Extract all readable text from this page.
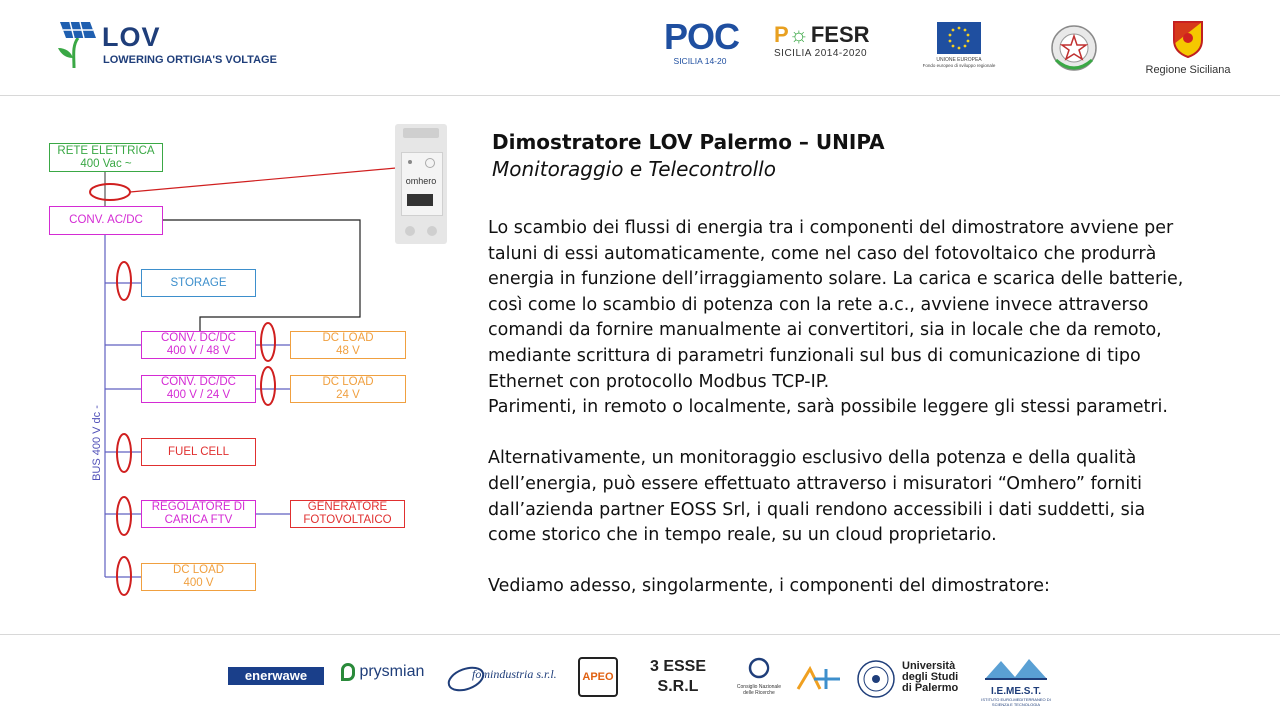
LOV
LOWERING ORTIGIA'S VOLTAGE
POC
SICILIA 14-20
P☼FESR
SICILIA 2014-2020
UNIONE EUROPEA
Fondo europeo di sviluppo regionale	Regione Siciliana
RETE ELETTRICA
400 Vac ~
CONV. AC/DC
STORAGE
CONV. DC/DC
400 V / 48 V
DC LOAD
48 V
CONV. DC/DC
400 V / 24 V
DC LOAD
24 V
FUEL CELL
REGOLATORE DI
CARICA FTV
GENERATORE
FOTOVOLTAICO
DC LOAD
400 V
BUS 400 V dc -
omhero
Dimostratore LOV Palermo – UNIPA
Monitoraggio e Telecontrollo

Lo scambio dei flussi di energia tra i componenti del dimostratore avviene per

taluni di essi automaticamente, come nel caso del fotovoltaico che produrrà

energia in funzione dell’irraggiamento solare. La carica e scarica delle batterie,

così come lo scambio di potenza con la rete a.c., avviene invece attraverso

comandi da fornire manualmente ai convertitori, sia in locale che da remoto,

mediante scrittura di parametri funzionali sul bus di comunicazione di tipo

Ethernet con protocollo Modbus TCP-IP.

Parimenti, in remoto o localmente, sarà possibile leggere gli stessi parametri.

Alternativamente, un monitoraggio esclusivo della potenza e della qualità

dell’energia, può essere effettuato attraverso i misuratori “Omhero” forniti

dall’azienda partner EOSS Srl, i quali rendono accessibili i dati suddetti, sia

come storico che in tempo reale, su un cloud proprietario.

Vediamo adesso, singolarmente, i componenti del dimostratore:

enerwawe	prysmian	fomindustria s.r.l.	APEO
3 ESSE
S.R.L	Consiglio Nazionale
delle Ricerche
Università
degli Studi
di Palermo	I.E.ME.S.T.
ISTITUTO EURO-MEDITERRANEO DI SCIENZA E TECNOLOGIA
